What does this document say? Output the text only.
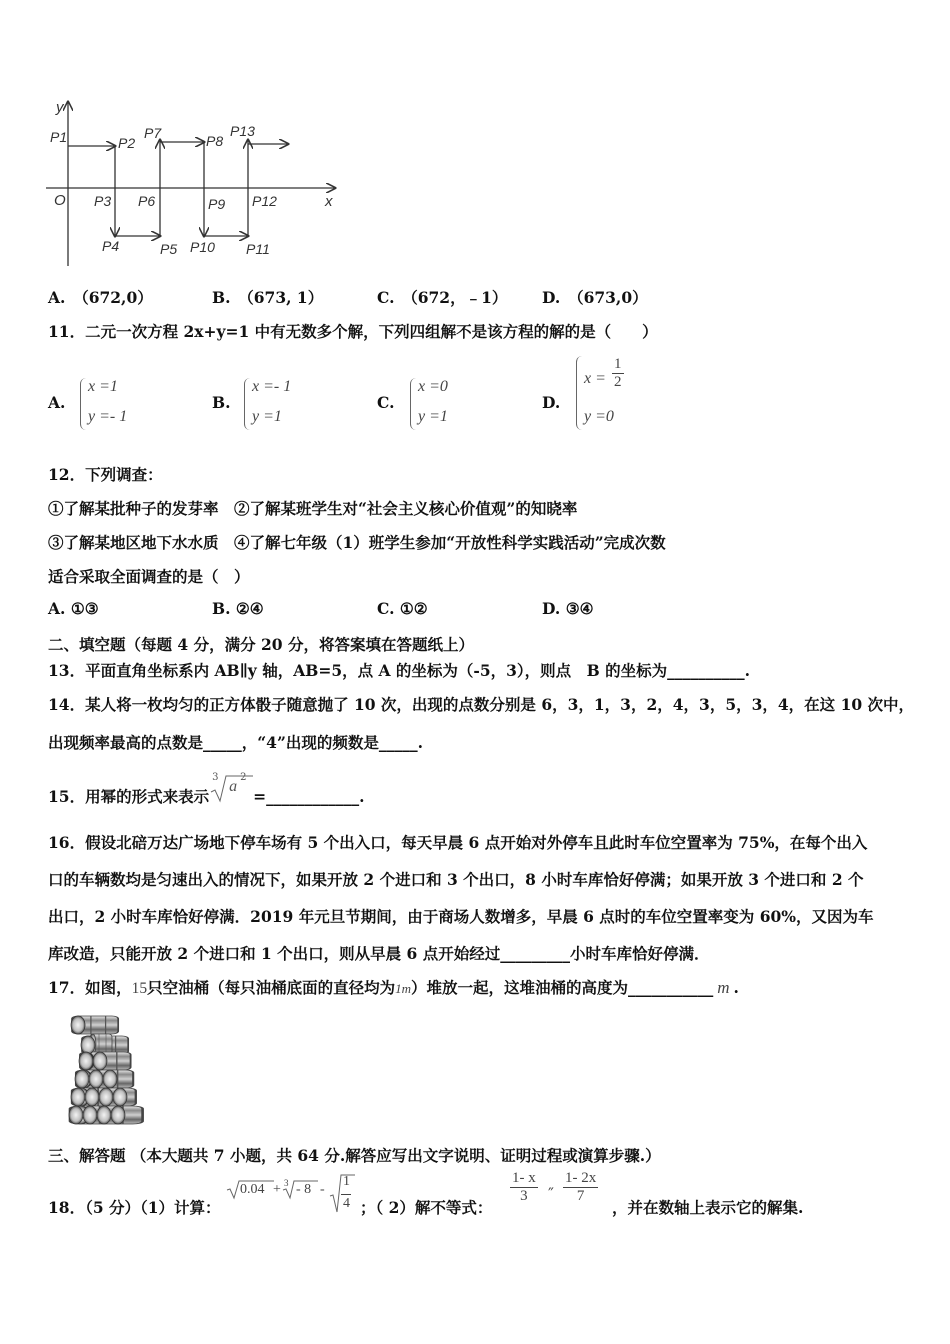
y
x
O
P1	P2
P3
P4	P5
P6
P7	P8
P9
P10 P11
P12
P13
A.　 （672,0）	B.　 （673, 1）	C.　 （672，﹣1） D.　 （673,0）
11．二元一次方程 2x+y=1 中有无数多个解，下列四组解不是该方程的解的是（　　）
A.
x =1
y =- 1
B.
x =- 1
y =1
C.
x =0
y =1
D.
$x = \frac{1}{2}$
y =0
12．下列调查：
①了解某批种子的发芽率　②了解某班学生对“社会主义核心价值观”的知晓率
③了解某地区地下水水质　④了解七年级（1）班学生参加“开放性科学实践活动”完成次数
适合采取全面调查的是（　）
A. ①③	B. ②④	C. ①②	D. ③④
二、填空题（每题 4 分，满分 20 分，将答案填在答题纸上）
13．平面直角坐标系内 AB∥y 轴，AB=5，点 A 的坐标为（-5，3），则点　B 的坐标为__________.
14．某人将一枚均匀的正方体骰子随意抛了 10 次，出现的点数分别是 6，3，1，3，2，4，3，5，3，4，在这 10 次中，
出现频率最高的点数是_____，“4”出现的频数是_____.
15．用幂的形式来表示
3
a
2
=____________.
16．假设北碚万达广场地下停车场有 5 个出入口，每天早晨 6 点开始对外停车且此时车位空置率为 75%，在每个出入
口的车辆数均是匀速出入的情况下，如果开放 2 个进口和 3 个出口，8 小时车库恰好停满；如果开放 3 个进口和 2 个
出口，2 小时车库恰好停满．2019 年元旦节期间，由于商场人数增多，早晨 6 点时的车位空置率变为 60%，又因为车
库改造，只能开放 2 个进口和 1 个出口，则从早晨 6 点开始经过_________小时车库恰好停满．
17．如图，15只空油桶（每只油桶底面的直径均为1m）堆放一起，这堆油桶的高度为___________ m .
三、解答题 （本大题共 7 小题，共 64 分.解答应写出文字说明、证明过程或演算步骤.）
18．（5 分）（1）计算：
0.04 + 3 - 8 -
1
4 ；（ 2）解不等式：
$\frac{1- x}{3}$ ″ $\frac{1- 2x}{7}$
，并在数轴上表示它的解集.
